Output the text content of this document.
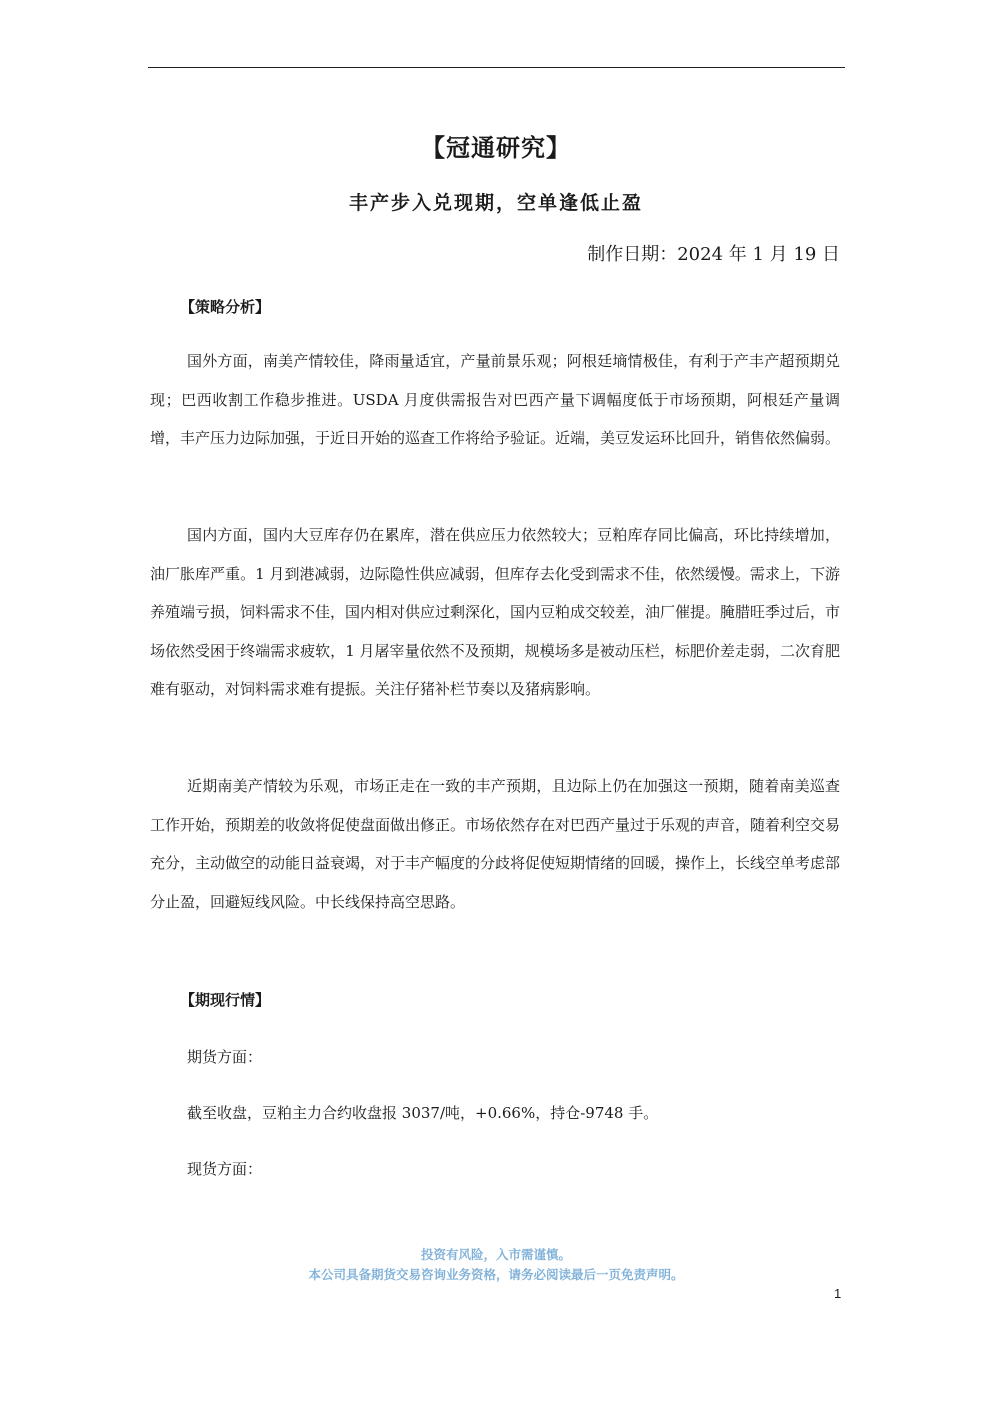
【冠通研究】
丰产步入兑现期，空单逢低止盈

制作日期：2024 年 1 月 19 日

【策略分析】

国外方面，南美产情较佳，降雨量适宜，产量前景乐观；阿根廷墒情极佳，有利于产丰产超预期兑现；巴西收割工作稳步推进。USDA 月度供需报告对巴西产量下调幅度低于市场预期，阿根廷产量调增，丰产压力边际加强，于近日开始的巡查工作将给予验证。近端，美豆发运环比回升，销售依然偏弱。

国内方面，国内大豆库存仍在累库，潜在供应压力依然较大；豆粕库存同比偏高，环比持续增加，油厂胀库严重。1 月到港减弱，边际隐性供应减弱，但库存去化受到需求不佳，依然缓慢。需求上，下游养殖端亏损，饲料需求不佳，国内相对供应过剩深化，国内豆粕成交较差，油厂催提。腌腊旺季过后，市场依然受困于终端需求疲软，1 月屠宰量依然不及预期，规模场多是被动压栏，标肥价差走弱，二次育肥难有驱动，对饲料需求难有提振。关注仔猪补栏节奏以及猪病影响。

近期南美产情较为乐观，市场正走在一致的丰产预期，且边际上仍在加强这一预期，随着南美巡查工作开始，预期差的收敛将促使盘面做出修正。市场依然存在对巴西产量过于乐观的声音，随着利空交易充分，主动做空的动能日益衰竭，对于丰产幅度的分歧将促使短期情绪的回暖，操作上，长线空单考虑部分止盈，回避短线风险。中长线保持高空思路。

【期现行情】

期货方面：

截至收盘，豆粕主力合约收盘报 3037/吨，+0.66%，持仓-9748 手。

现货方面：

投资有风险，入市需谨慎。

本公司具备期货交易咨询业务资格，请务必阅读最后一页免责声明。

1
